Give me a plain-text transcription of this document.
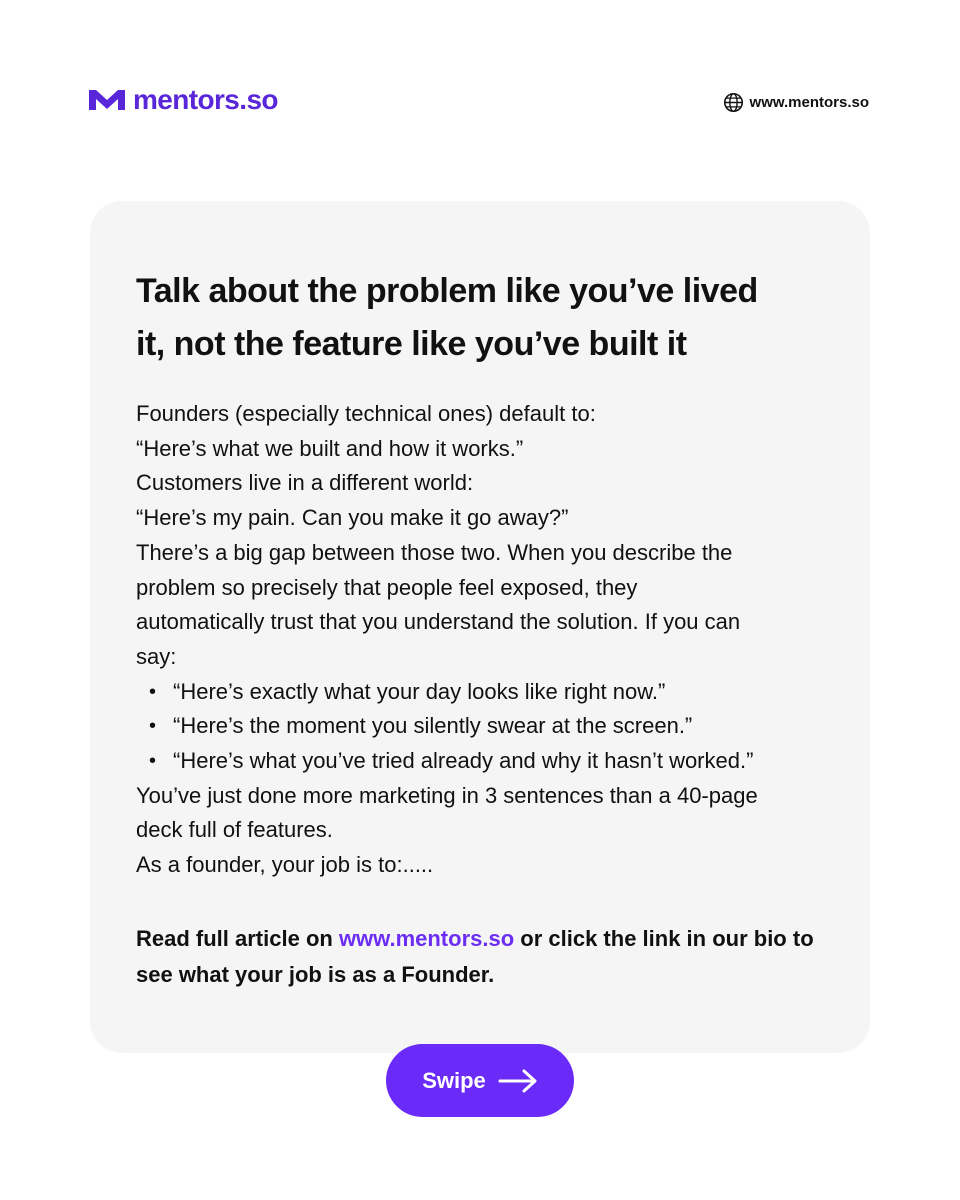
mentors.so	www.mentors.so
Talk about the problem like you’ve lived
it, not the feature like you’ve built it

Founders (especially technical ones) default to:

“Here’s what we built and how it works.”

Customers live in a different world:

“Here’s my pain. Can you make it go away?”

There’s a big gap between those two. When you describe the

problem so precisely that people feel exposed, they

automatically trust that you understand the solution. If you can

say:

• “Here’s exactly what your day looks like right now.”
• “Here’s the moment you silently swear at the screen.”
• “Here’s what you’ve tried already and why it hasn’t worked.”

You’ve just done more marketing in 3 sentences than a 40-page

deck full of features.

As a founder, your job is to:.....

Read full article on www.mentors.so or click the link in our bio to see what your job is as a Founder.

Swipe
